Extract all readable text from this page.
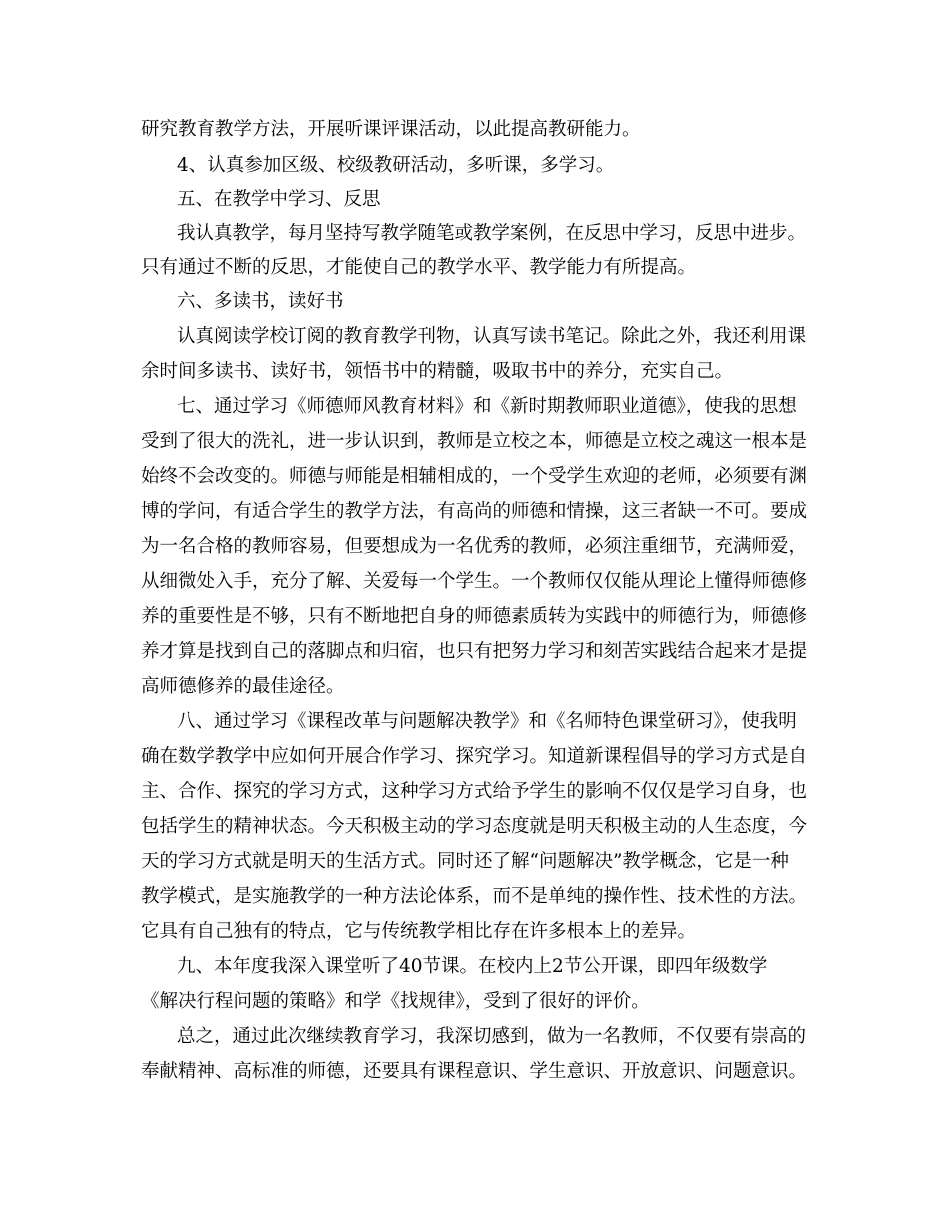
研究教育教学方法，开展听课评课活动，以此提高教研能力。
4、认真参加区级、校级教研活动，多听课，多学习。
五、在教学中学习、反思
我认真教学，每月坚持写教学随笔或教学案例，在反思中学习，反思中进步。
只有通过不断的反思，才能使自己的教学水平、教学能力有所提高。
六、多读书，读好书
认真阅读学校订阅的教育教学刊物，认真写读书笔记。除此之外，我还利用课
余时间多读书、读好书，领悟书中的精髓，吸取书中的养分，充实自己。
七、通过学习《师德师风教育材料》和《新时期教师职业道德》，使我的思想
受到了很大的洗礼，进一步认识到，教师是立校之本，师德是立校之魂这一根本是
始终不会改变的。师德与师能是相辅相成的，一个受学生欢迎的老师，必须要有渊
博的学问，有适合学生的教学方法，有高尚的师德和情操，这三者缺一不可。要成
为一名合格的教师容易，但要想成为一名优秀的教师，必须注重细节，充满师爱，
从细微处入手，充分了解、关爱每一个学生。一个教师仅仅能从理论上懂得师德修
养的重要性是不够，只有不断地把自身的师德素质转为实践中的师德行为，师德修
养才算是找到自己的落脚点和归宿，也只有把努力学习和刻苦实践结合起来才是提
高师德修养的最佳途径。
八、通过学习《课程改革与问题解决教学》和《名师特色课堂研习》，使我明
确在数学教学中应如何开展合作学习、探究学习。知道新课程倡导的学习方式是自
主、合作、探究的学习方式，这种学习方式给予学生的影响不仅仅是学习自身，也
包括学生的精神状态。今天积极主动的学习态度就是明天积极主动的人生态度，今
天的学习方式就是明天的生活方式。同时还了解“问题解决”教学概念，它是一种
教学模式，是实施教学的一种方法论体系，而不是单纯的操作性、技术性的方法。
它具有自己独有的特点，它与传统教学相比存在许多根本上的差异。
九、本年度我深入课堂听了40节课。在校内上2节公开课，即四年级数学
《解决行程问题的策略》和学《找规律》，受到了很好的评价。
总之，通过此次继续教育学习，我深切感到，做为一名教师，不仅要有崇高的
奉献精神、高标准的师德，还要具有课程意识、学生意识、开放意识、问题意识。
